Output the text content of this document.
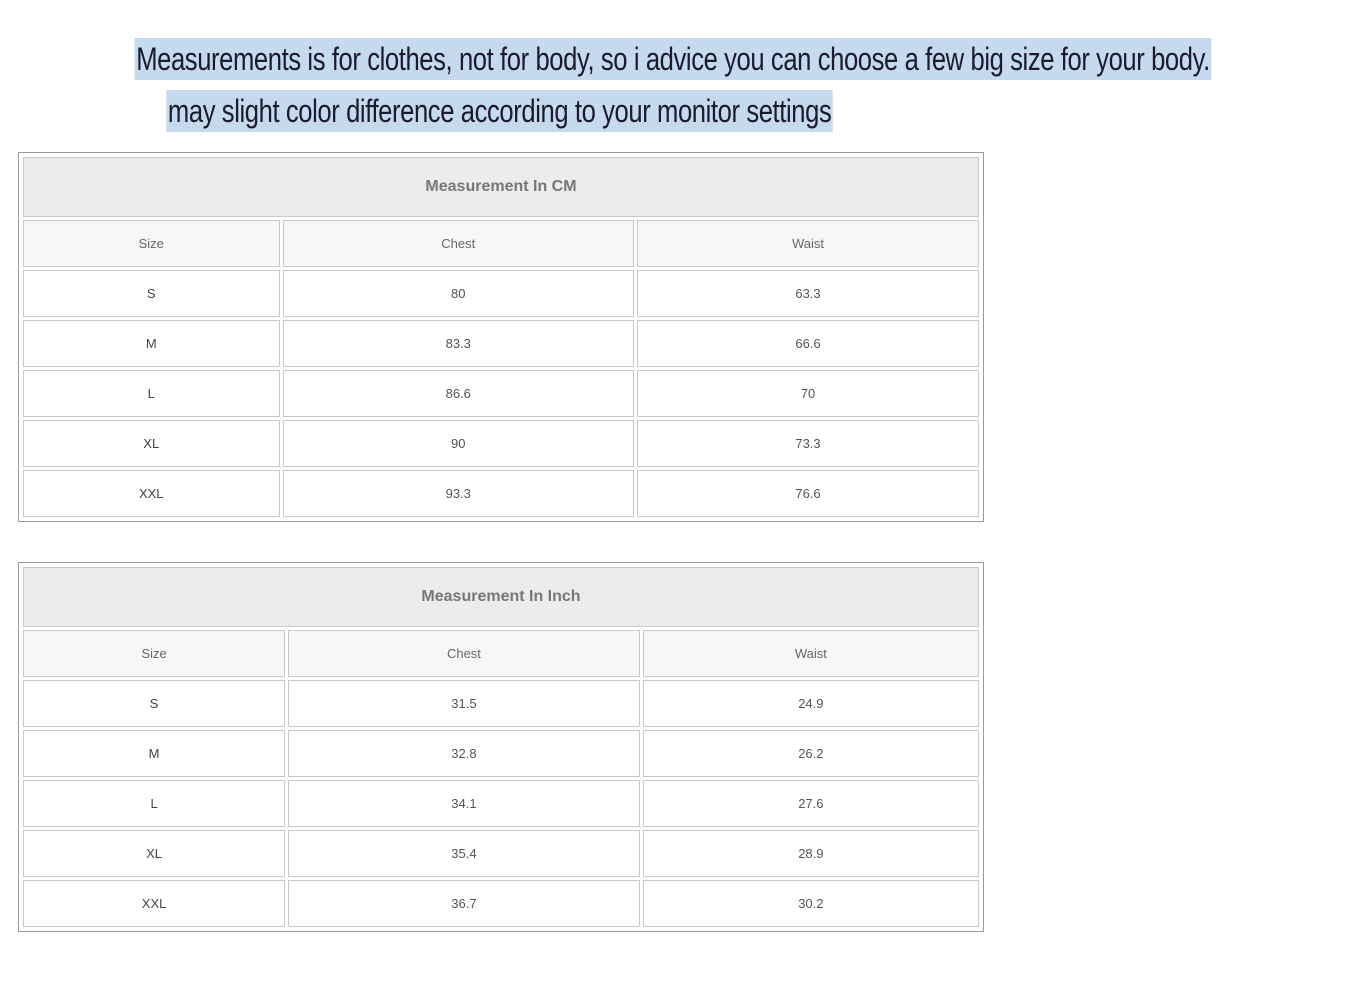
Measurements is for clothes, not for body, so i advice you can choose a few big size for your body.
may slight color difference according to your monitor settings
Measurement In CM		
Size	Chest	Waist
S	80	63.3
M	83.3	66.6
L	86.6	70
XL	90	73.3
XXL	93.3	76.6
Measurement In Inch		
Size	Chest	Waist
S	31.5	24.9
M	32.8	26.2
L	34.1	27.6
XL	35.4	28.9
XXL	36.7	30.2
